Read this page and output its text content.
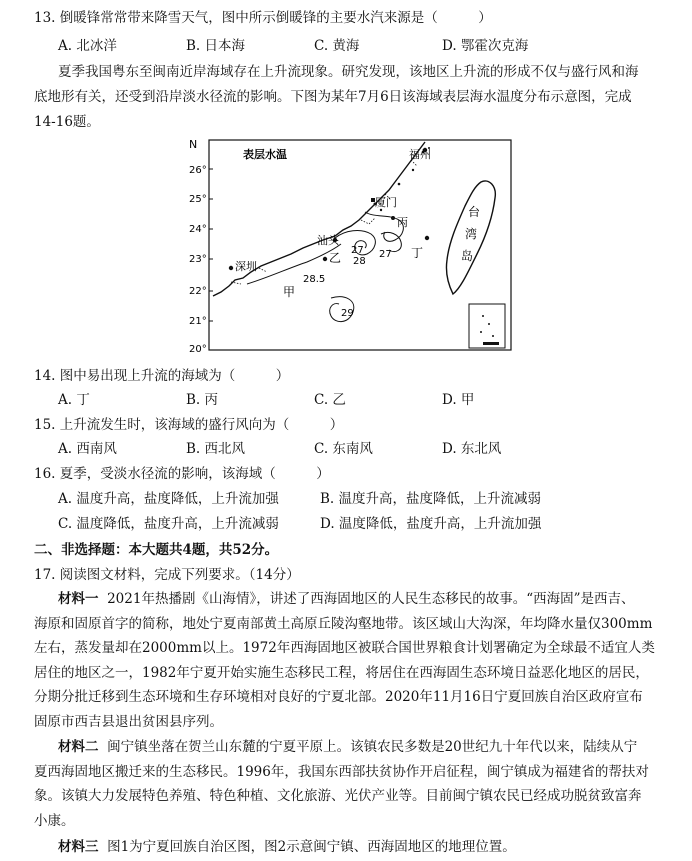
13. 倒暖锋常常带来降雪天气，图中所示倒暖锋的主要水汽来源是（　　　）
A. 北冰洋	B. 日本海	C. 黄海	D. 鄂霍次克海
夏季我国粤东至闽南近岸海域存在上升流现象。研究发现，该地区上升流的形成不仅与盛行风和海
底地形有关，还受到沿岸淡水径流的影响。下图为某年7月6日该海域表层海水温度分布示意图，完成
14-16题。
N
表层水温
26°
25°
24°
23°
22°
21°
20°
27
28
27
28.5
29
台
湾
岛
福州
厦门
汕头
深圳
乙
丙
丁
甲
14. 图中易出现上升流的海域为（　　　）
A. 丁	B. 丙	C. 乙	D. 甲
15. 上升流发生时，该海域的盛行风向为（　　　）
A. 西南风	B. 西北风	C. 东南风	D. 东北风
16. 夏季，受淡水径流的影响，该海域（　　　）
A. 温度升高，盐度降低，上升流加强	B. 温度升高，盐度降低，上升流减弱
C. 温度降低，盐度升高，上升流减弱	D. 温度降低，盐度升高，上升流加强
二、非选择题：本大题共4题，共52分。
17. 阅读图文材料，完成下列要求。（14分）
材料一 2021年热播剧《山海情》，讲述了西海固地区的人民生态移民的故事。“西海固”是西吉、
海原和固原首字的简称，地处宁夏南部黄土高原丘陵沟壑地带。该区域山大沟深，年均降水量仅300mm
左右，蒸发量却在2000mm以上。1972年西海固地区被联合国世界粮食计划署确定为全球最不适宜人类
居住的地区之一，1982年宁夏开始实施生态移民工程，将居住在西海固生态环境日益恶化地区的居民，
分期分批迁移到生态环境和生存环境相对良好的宁夏北部。2020年11月16日宁夏回族自治区政府宣布
固原市西吉县退出贫困县序列。
材料二 闽宁镇坐落在贺兰山东麓的宁夏平原上。该镇农民多数是20世纪九十年代以来，陆续从宁
夏西海固地区搬迁来的生态移民。1996年，我国东西部扶贫协作开启征程，闽宁镇成为福建省的帮扶对
象。该镇大力发展特色养殖、特色种植、文化旅游、光伏产业等。目前闽宁镇农民已经成功脱贫致富奔
小康。
材料三 图1为宁夏回族自治区图，图2示意闽宁镇、西海固地区的地理位置。
